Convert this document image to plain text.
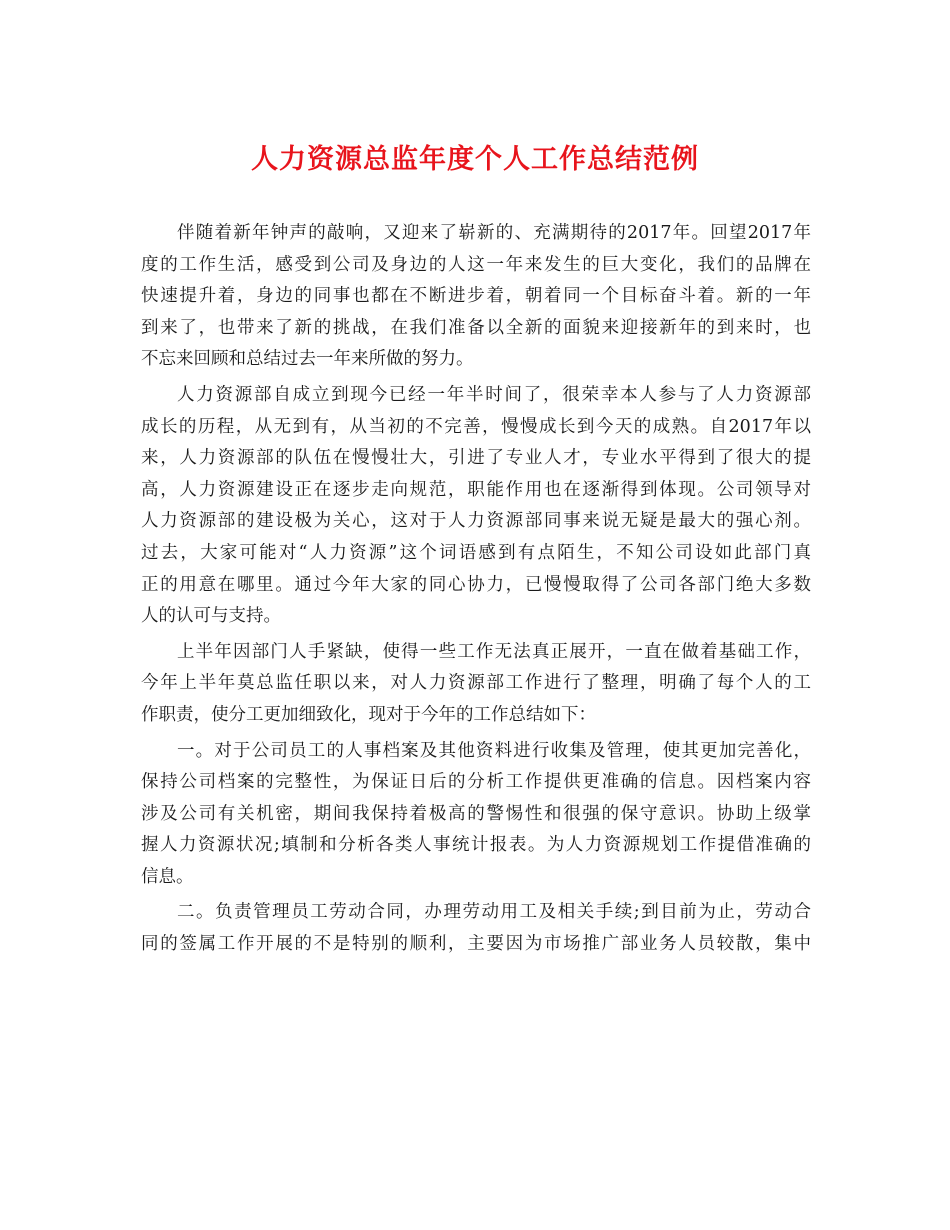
人力资源总监年度个人工作总结范例
伴随着新年钟声的敲响，又迎来了崭新的、充满期待的2017年。回望2017年
度的工作生活，感受到公司及身边的人这一年来发生的巨大变化，我们的品牌在
快速提升着，身边的同事也都在不断进步着，朝着同一个目标奋斗着。新的一年
到来了，也带来了新的挑战，在我们准备以全新的面貌来迎接新年的到来时，也
不忘来回顾和总结过去一年来所做的努力。
人力资源部自成立到现今已经一年半时间了，很荣幸本人参与了人力资源部
成长的历程，从无到有，从当初的不完善，慢慢成长到今天的成熟。自2017年以
来，人力资源部的队伍在慢慢壮大，引进了专业人才，专业水平得到了很大的提
高，人力资源建设正在逐步走向规范，职能作用也在逐渐得到体现。公司领导对
人力资源部的建设极为关心，这对于人力资源部同事来说无疑是最大的强心剂。
过去，大家可能对“人力资源”这个词语感到有点陌生，不知公司设如此部门真
正的用意在哪里。通过今年大家的同心协力，已慢慢取得了公司各部门绝大多数
人的认可与支持。
上半年因部门人手紧缺，使得一些工作无法真正展开，一直在做着基础工作，
今年上半年莫总监任职以来，对人力资源部工作进行了整理，明确了每个人的工
作职责，使分工更加细致化，现对于今年的工作总结如下：
一。对于公司员工的人事档案及其他资料进行收集及管理，使其更加完善化，
保持公司档案的完整性，为保证日后的分析工作提供更准确的信息。因档案内容
涉及公司有关机密，期间我保持着极高的警惕性和很强的保守意识。协助上级掌
握人力资源状况;填制和分析各类人事统计报表。为人力资源规划工作提借准确的
信息。
二。负责管理员工劳动合同，办理劳动用工及相关手续;到目前为止，劳动合
同的签属工作开展的不是特别的顺利，主要因为市场推广部业务人员较散，集中
